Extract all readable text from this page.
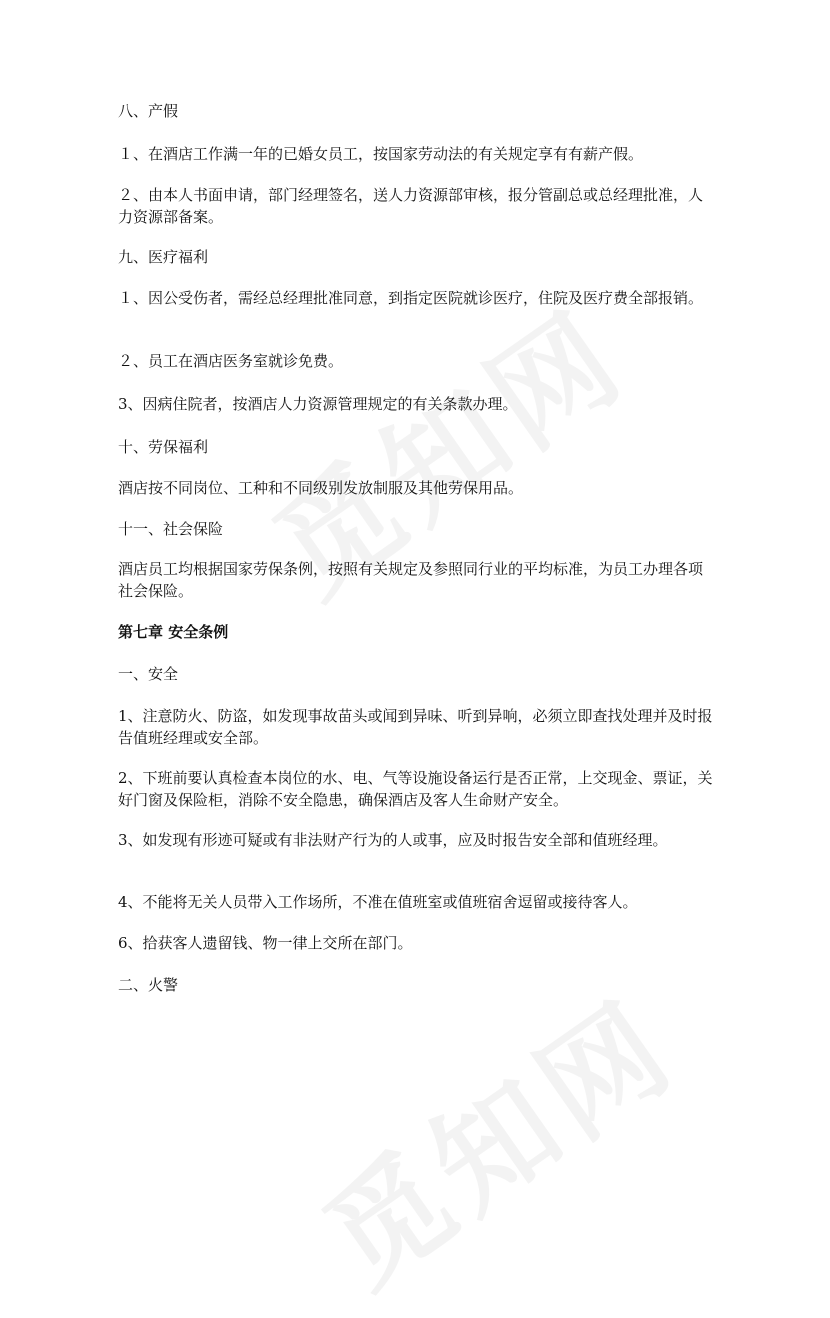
八、产假

１、在酒店工作满一年的已婚女员工，按国家劳动法的有关规定享有有薪产假。

２、由本人书面申请，部门经理签名，送人力资源部审核，报分管副总或总经理批准，人力资源部备案。

九、医疗福利

１、因公受伤者，需经总经理批准同意，到指定医院就诊医疗，住院及医疗费全部报销。

２、员工在酒店医务室就诊免费。

3、因病住院者，按酒店人力资源管理规定的有关条款办理。

十、劳保福利

酒店按不同岗位、工种和不同级别发放制服及其他劳保用品。

十一、社会保险

酒店员工均根据国家劳保条例，按照有关规定及参照同行业的平均标准，为员工办理各项社会保险。

第七章 安全条例

一、安全

1、注意防火、防盗，如发现事故苗头或闻到异味、听到异响，必须立即查找处理并及时报告值班经理或安全部。

2、下班前要认真检查本岗位的水、电、气等设施设备运行是否正常，上交现金、票证，关好门窗及保险柜，消除不安全隐患，确保酒店及客人生命财产安全。

3、如发现有形迹可疑或有非法财产行为的人或事，应及时报告安全部和值班经理。

4、不能将无关人员带入工作场所，不准在值班室或值班宿舍逗留或接待客人。

6、拾获客人遗留钱、物一律上交所在部门。

二、火警
